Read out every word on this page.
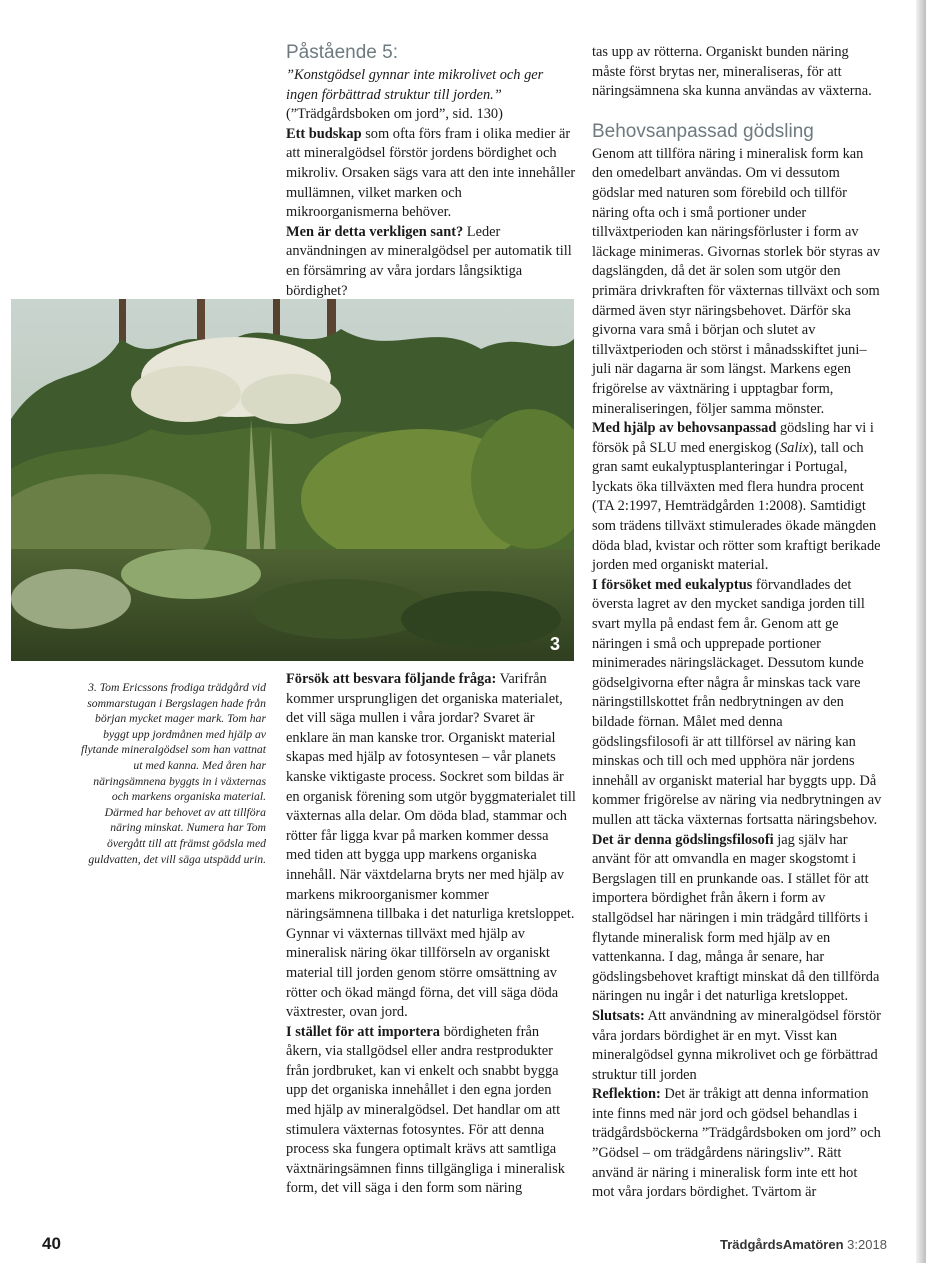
Påstående 5:

”Konstgödsel gynnar inte mikrolivet och ger ingen förbättrad struktur till jorden.”

(”Trädgårdsboken om jord”, sid. 130)

Ett budskap som ofta förs fram i olika medier är att mineralgödsel förstör jordens bördighet och mikroliv. Orsaken sägs vara att den inte innehåller mullämnen, vilket marken och mikroorganismerna behöver.

Men är detta verkligen sant? Leder användningen av mineralgödsel per automatik till en försämring av våra jordars långsiktiga bördighet?

3
3. Tom Ericssons frodiga trädgård vid sommarstugan i Bergslagen hade från början mycket mager mark. Tom har byggt upp jordmånen med hjälp av flytande mineralgödsel som han vattnat ut med kanna. Med åren har näringsämnena byggts in i växternas och markens organiska material. Därmed har behovet av att tillföra näring minskat. Numera har Tom övergått till att främst gödsla med guldvatten, det vill säga utspädd urin.

Försök att besvara följande fråga: Varifrån kommer ursprungligen det organiska materialet, det vill säga mullen i våra jordar? Svaret är enklare än man kanske tror. Organiskt material skapas med hjälp av fotosyntesen – vår planets kanske viktigaste process. Sockret som bildas är en organisk förening som utgör byggmaterialet till växternas alla delar. Om döda blad, stammar och rötter får ligga kvar på marken kommer dessa med tiden att bygga upp markens organiska innehåll. När växtdelarna bryts ner med hjälp av markens mikroorganismer kommer näringsämnena tillbaka i det naturliga kretsloppet. Gynnar vi växternas tillväxt med hjälp av mineralisk näring ökar tillförseln av organiskt material till jorden genom större omsättning av rötter och ökad mängd förna, det vill säga döda växtrester, ovan jord.

I stället för att importera bördigheten från åkern, via stallgödsel eller andra restprodukter från jordbruket, kan vi enkelt och snabbt bygga upp det organiska innehållet i den egna jorden med hjälp av mineralgödsel. Det handlar om att stimulera växternas fotosyntes. För att denna process ska fungera optimalt krävs att samtliga växtnäringsämnen finns tillgängliga i mineralisk form, det vill säga i den form som näring

tas upp av rötterna. Organiskt bunden näring måste först brytas ner, mineraliseras, för att näringsämnena ska kunna användas av växterna.

Behovsanpassad gödsling

Genom att tillföra näring i mineralisk form kan den omedelbart användas. Om vi dessutom gödslar med naturen som förebild och tillför näring ofta och i små portioner under tillväxtperioden kan näringsförluster i form av läckage minimeras. Givornas storlek bör styras av dagslängden, då det är solen som utgör den primära drivkraften för växternas tillväxt och som därmed även styr näringsbehovet. Därför ska givorna vara små i början och slutet av tillväxtperioden och störst i månadsskiftet juni–juli när dagarna är som längst. Markens egen frigörelse av växtnäring i upptagbar form, mineraliseringen, följer samma mönster.

Med hjälp av behovsanpassad gödsling har vi i försök på SLU med energiskog (Salix), tall och gran samt eukalyptusplanteringar i Portugal, lyckats öka tillväxten med flera hundra procent (TA 2:1997, Hemträdgården 1:2008). Samtidigt som trädens tillväxt stimulerades ökade mängden döda blad, kvistar och rötter som kraftigt berikade jorden med organiskt material.

I försöket med eukalyptus förvandlades det översta lagret av den mycket sandiga jorden till svart mylla på endast fem år. Genom att ge näringen i små och upprepade portioner minimerades näringsläckaget. Dessutom kunde gödselgivorna efter några år minskas tack vare näringstillskottet från nedbrytningen av den bildade förnan. Målet med denna gödslingsfilosofi är att tillförsel av näring kan minskas och till och med upphöra när jordens innehåll av organiskt material har byggts upp. Då kommer frigörelse av näring via nedbrytningen av mullen att täcka växternas fortsatta näringsbehov.

Det är denna gödslingsfilosofi jag själv har använt för att omvandla en mager skogstomt i Bergslagen till en prunkande oas. I stället för att importera bördighet från åkern i form av stallgödsel har näringen i min trädgård tillförts i flytande mineralisk form med hjälp av en vattenkanna. I dag, många år senare, har gödslingsbehovet kraftigt minskat då den tillförda näringen nu ingår i det naturliga kretsloppet.

Slutsats: Att användning av mineralgödsel förstör våra jordars bördighet är en myt. Visst kan mineralgödsel gynna mikrolivet och ge förbättrad struktur till jorden

Reflektion: Det är tråkigt att denna information inte finns med när jord och gödsel behandlas i trädgårdsböckerna ”Trädgårdsboken om jord” och ”Gödsel – om trädgårdens näringsliv”. Rätt använd är näring i mineralisk form inte ett hot mot våra jordars bördighet. Tvärtom är

40	TrädgårdsAmatören 3:2018
